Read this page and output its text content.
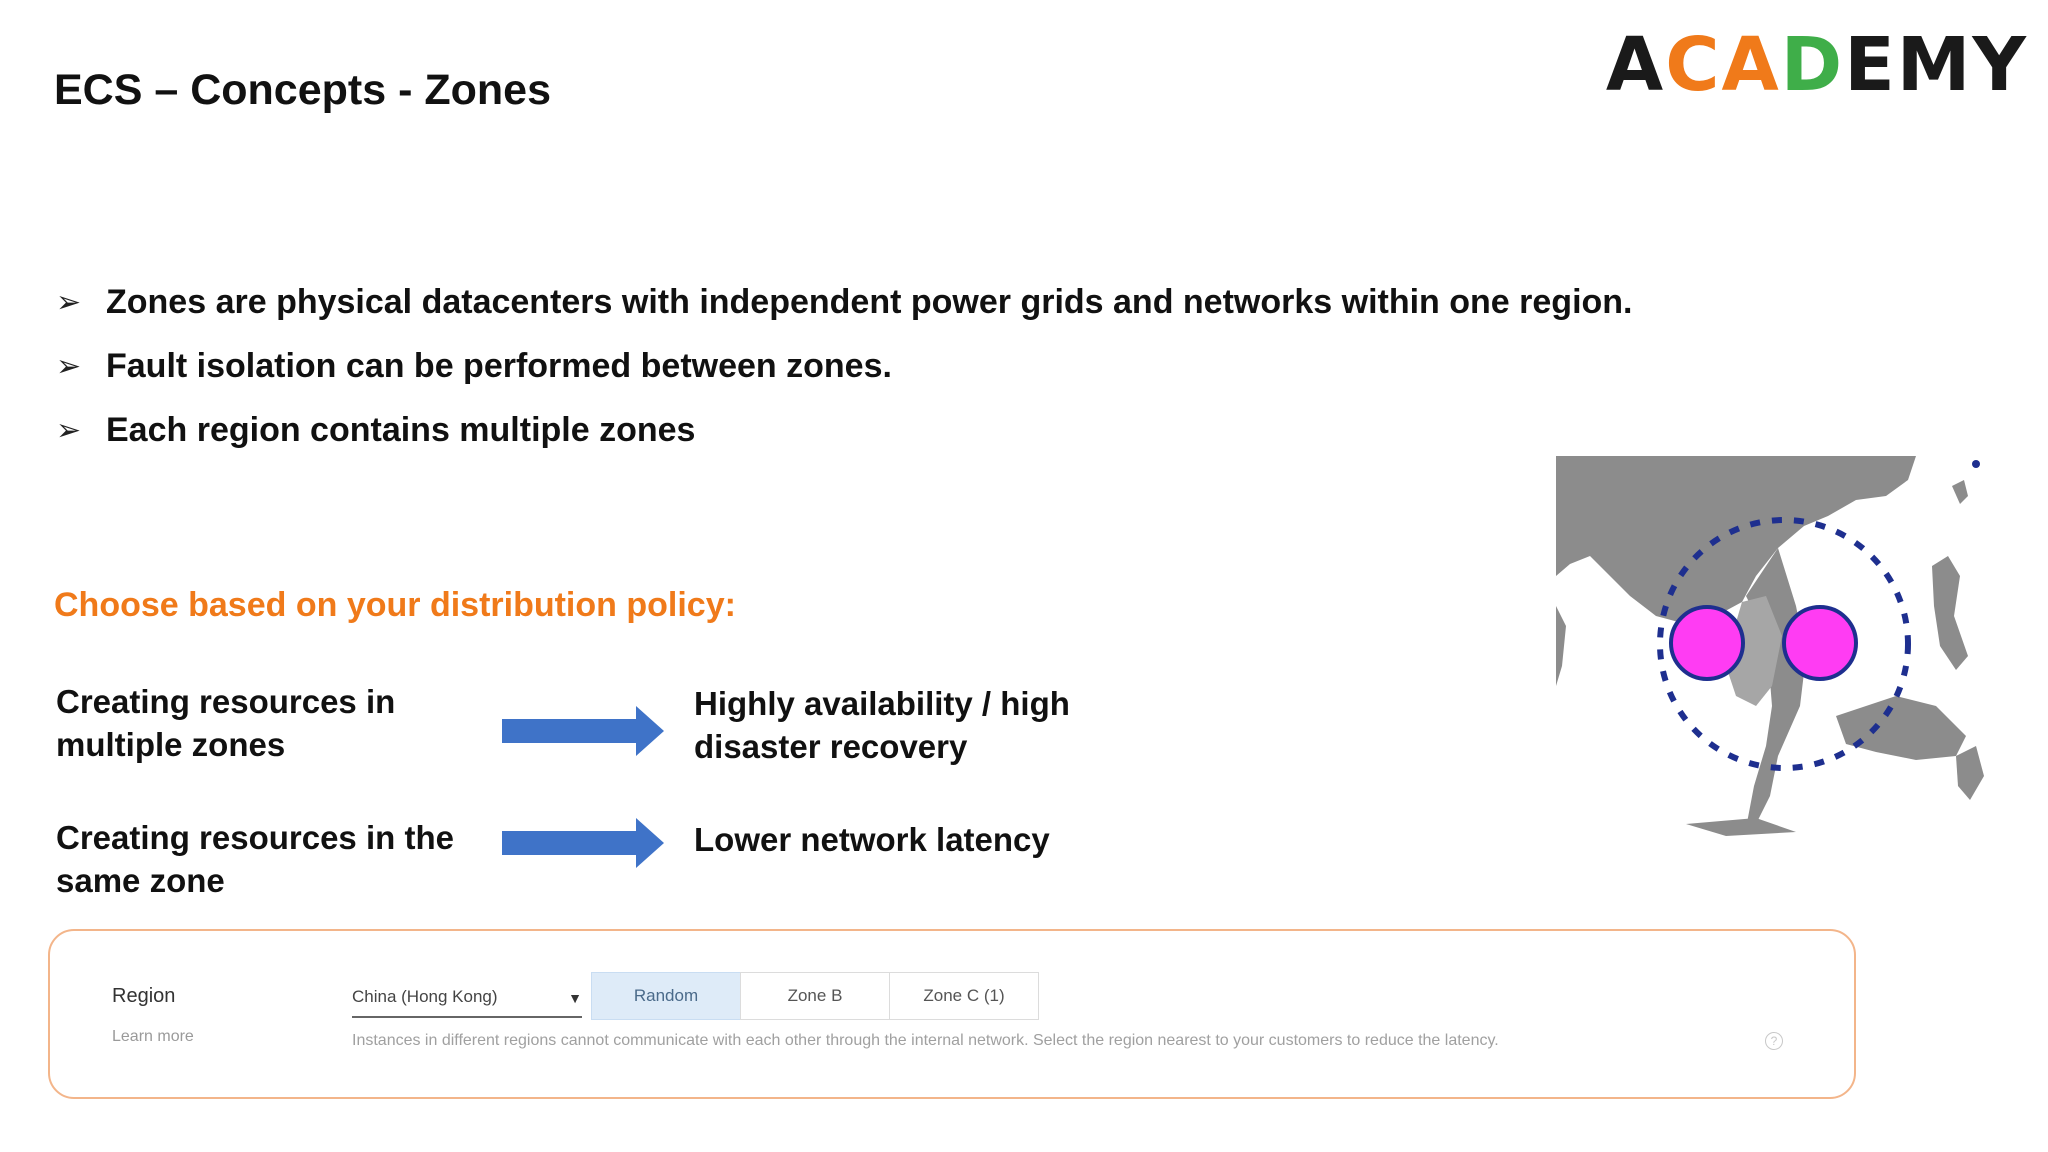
ECS – Concepts - Zones	ACADEMY
➢ Zones are physical datacenters with independent power grids and networks within one region.
➢ Fault isolation can be performed between zones.
➢ Each region contains multiple zones
Choose based on your distribution policy:
Creating resources in multiple zones
Highly availability / high disaster recovery
Creating resources in the same zone
Lower network latency
Region
Learn more
China (Hong Kong)	▼	Random	Zone B	Zone C (1)
Instances in different regions cannot communicate with each other through the internal network. Select the region nearest to your customers to reduce the latency.	?
